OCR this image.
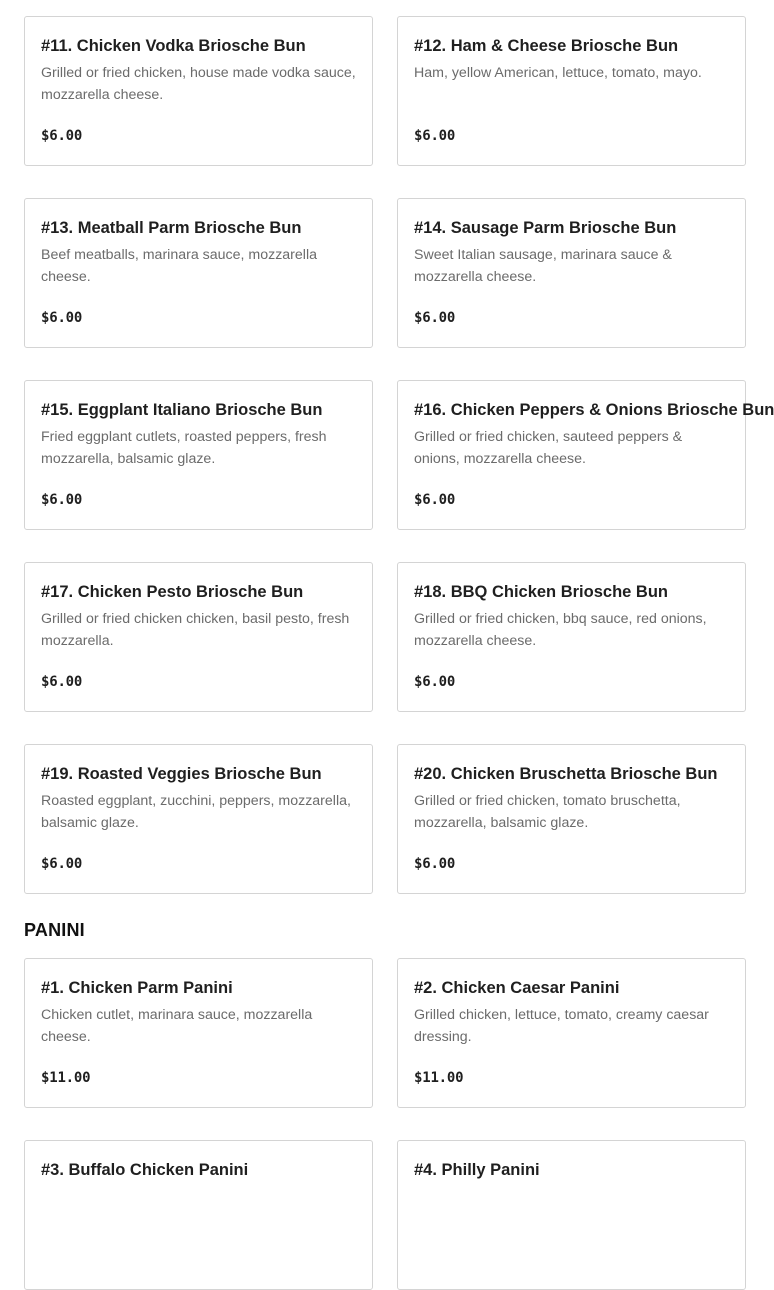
#11. Chicken Vodka Briosche Bun
Grilled or fried chicken, house made vodka sauce, mozzarella cheese.
$6.00
#12. Ham & Cheese Briosche Bun
Ham, yellow American, lettuce, tomato, mayo.
$6.00
#13. Meatball Parm Briosche Bun
Beef meatballs, marinara sauce, mozzarella cheese.
$6.00
#14. Sausage Parm Briosche Bun
Sweet Italian sausage, marinara sauce & mozzarella cheese.
$6.00
#15. Eggplant Italiano Briosche Bun
Fried eggplant cutlets, roasted peppers, fresh mozzarella, balsamic glaze.
$6.00
#16. Chicken Peppers & Onions Briosche Bun
Grilled or fried chicken, sauteed peppers & onions, mozzarella cheese.
$6.00
#17. Chicken Pesto Briosche Bun
Grilled or fried chicken chicken, basil pesto, fresh mozzarella.
$6.00
#18. BBQ Chicken Briosche Bun
Grilled or fried chicken, bbq sauce, red onions, mozzarella cheese.
$6.00
#19. Roasted Veggies Briosche Bun
Roasted eggplant, zucchini, peppers, mozzarella, balsamic glaze.
$6.00
#20. Chicken Bruschetta Briosche Bun
Grilled or fried chicken, tomato bruschetta, mozzarella, balsamic glaze.
$6.00
PANINI
#1. Chicken Parm Panini
Chicken cutlet, marinara sauce, mozzarella cheese.
$11.00
#2. Chicken Caesar Panini
Grilled chicken, lettuce, tomato, creamy caesar dressing.
$11.00
#3. Buffalo Chicken Panini	#4. Philly Panini
